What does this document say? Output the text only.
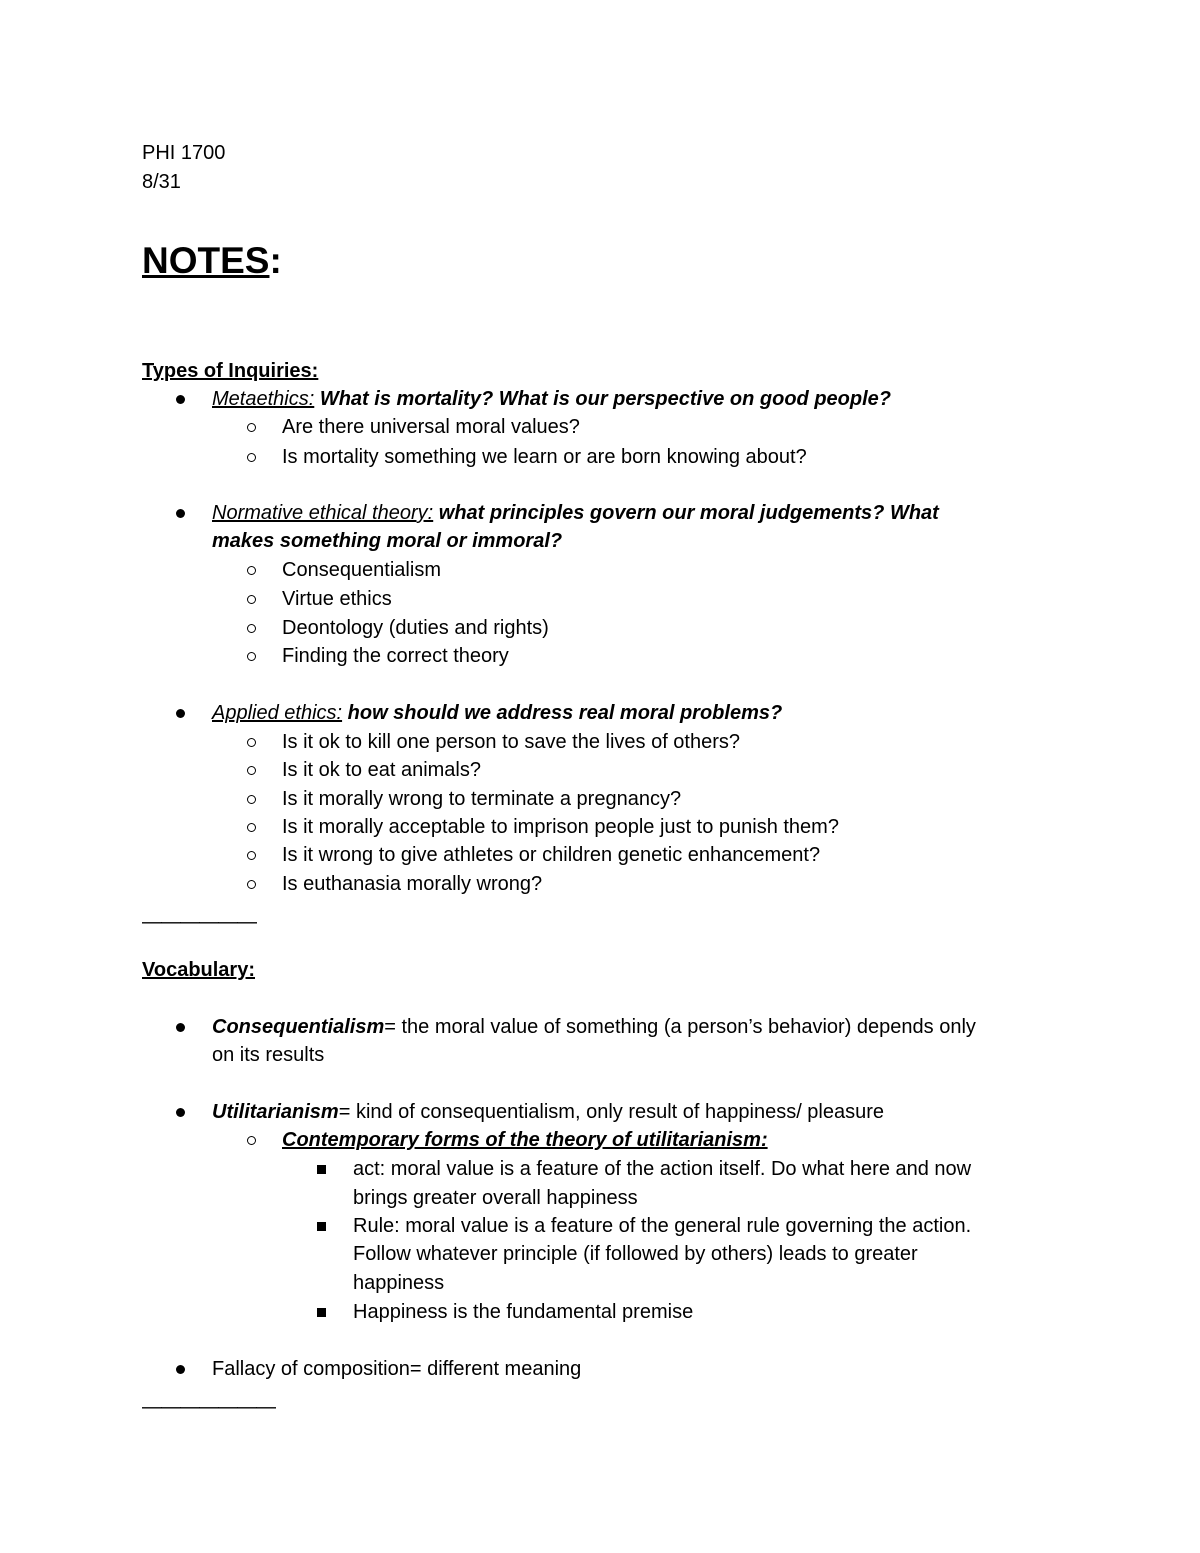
PHI 1700
8/31
NOTES:
Types of Inquiries:
Metaethics: What is mortality? What is our perspective on good people?
Are there universal moral values?
Is mortality something we learn or are born knowing about?
Normative ethical theory: what principles govern our moral judgements? What
makes something moral or immoral?
Consequentialism
Virtue ethics
Deontology (duties and rights)
Finding the correct theory
Applied ethics: how should we address real moral problems?
Is it ok to kill one person to save the lives of others?
Is it ok to eat animals?
Is it morally wrong to terminate a pregnancy?
Is it morally acceptable to imprison people just to punish them?
Is it wrong to give athletes or children genetic enhancement?
Is euthanasia morally wrong?
——————
Vocabulary:
Consequentialism= the moral value of something (a person’s behavior) depends only
on its results
Utilitarianism= kind of consequentialism, only result of happiness/ pleasure
Contemporary forms of the theory of utilitarianism:
act: moral value is a feature of the action itself. Do what here and now
brings greater overall happiness
Rule: moral value is a feature of the general rule governing the action.
Follow whatever principle (if followed by others) leads to greater
happiness
Happiness is the fundamental premise
Fallacy of composition= different meaning
———————
